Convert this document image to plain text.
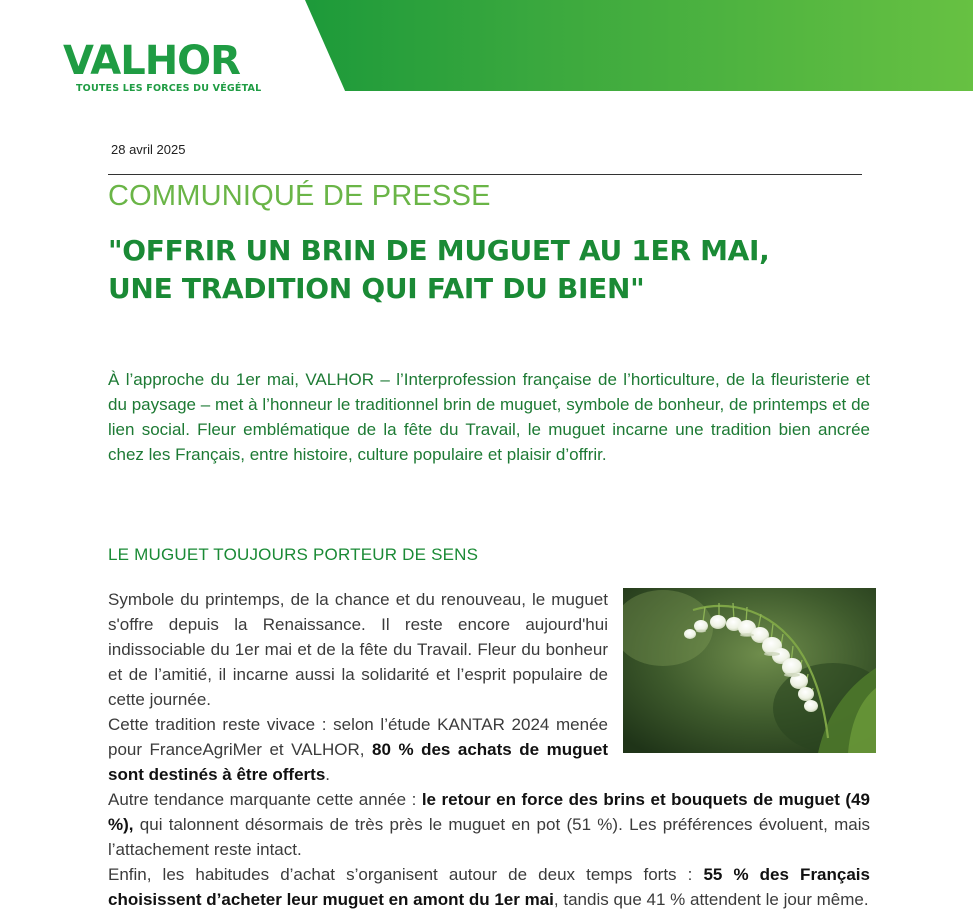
VALHOR
TOUTES LES FORCES DU VÉGÉTAL
28 avril 2025
COMMUNIQUÉ DE PRESSE
"OFFRIR UN BRIN DE MUGUET AU 1ER MAI,
UNE TRADITION QUI FAIT DU BIEN"
À l’approche du 1er mai, VALHOR – l’Interprofession française de l’horticulture, de la fleuristerie et du paysage – met à l’honneur le traditionnel brin de muguet, symbole de bonheur, de printemps et de lien social. Fleur emblématique de la fête du Travail, le muguet incarne une tradition bien ancrée chez les Français, entre histoire, culture populaire et plaisir d’offrir.
LE MUGUET TOUJOURS PORTEUR DE SENS

Symbole du printemps, de la chance et du renouveau, le muguet s'offre depuis la Renaissance. Il reste encore aujourd'hui indissociable du 1er mai et de la fête du Travail. Fleur du bonheur et de l’amitié, il incarne aussi la solidarité et l’esprit populaire de cette journée.

Cette tradition reste vivace : selon l’étude KANTAR 2024 menée pour FranceAgriMer et VALHOR, 80 % des achats de muguet sont destinés à être offerts.

Autre tendance marquante cette année : le retour en force des brins et bouquets de muguet (49 %), qui talonnent désormais de très près le muguet en pot (51 %). Les préférences évoluent, mais l’attachement reste intact.

Enfin, les habitudes d’achat s’organisent autour de deux temps forts : 55 % des Français choisissent d’acheter leur muguet en amont du 1er mai, tandis que 41 % attendent le jour même.
